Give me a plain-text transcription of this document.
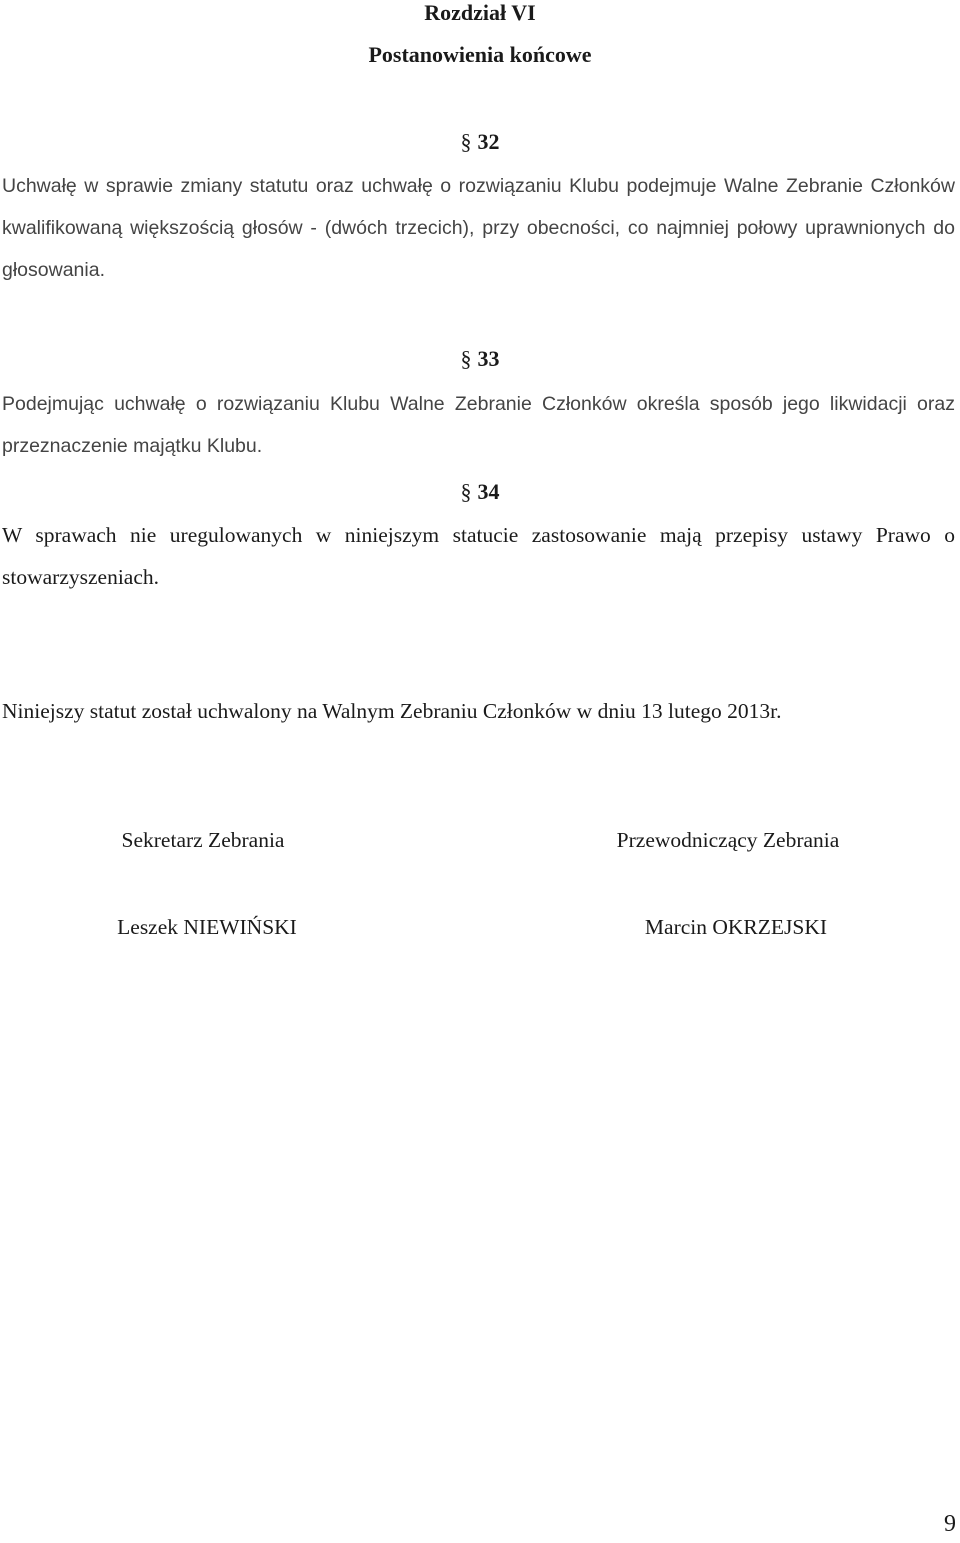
Rozdział VI
Postanowienia końcowe
§ 32

Uchwałę w sprawie zmiany statutu oraz uchwałę o rozwiązaniu Klubu podejmuje Walne Zebranie Członków kwalifikowaną większością głosów - (dwóch trzecich), przy obecności, co najmniej połowy uprawnionych do głosowania.

§ 33

Podejmując uchwałę o rozwiązaniu Klubu Walne Zebranie Członków określa sposób jego likwidacji oraz przeznaczenie majątku Klubu.

§ 34

W sprawach nie uregulowanych w niniejszym statucie zastosowanie mają przepisy ustawy Prawo o stowarzyszeniach.

Niniejszy statut został uchwalony na Walnym Zebraniu Członków w dniu 13 lutego 2013r.

Sekretarz Zebrania
Leszek NIEWIŃSKI
Przewodniczący Zebrania
Marcin OKRZEJSKI
9
